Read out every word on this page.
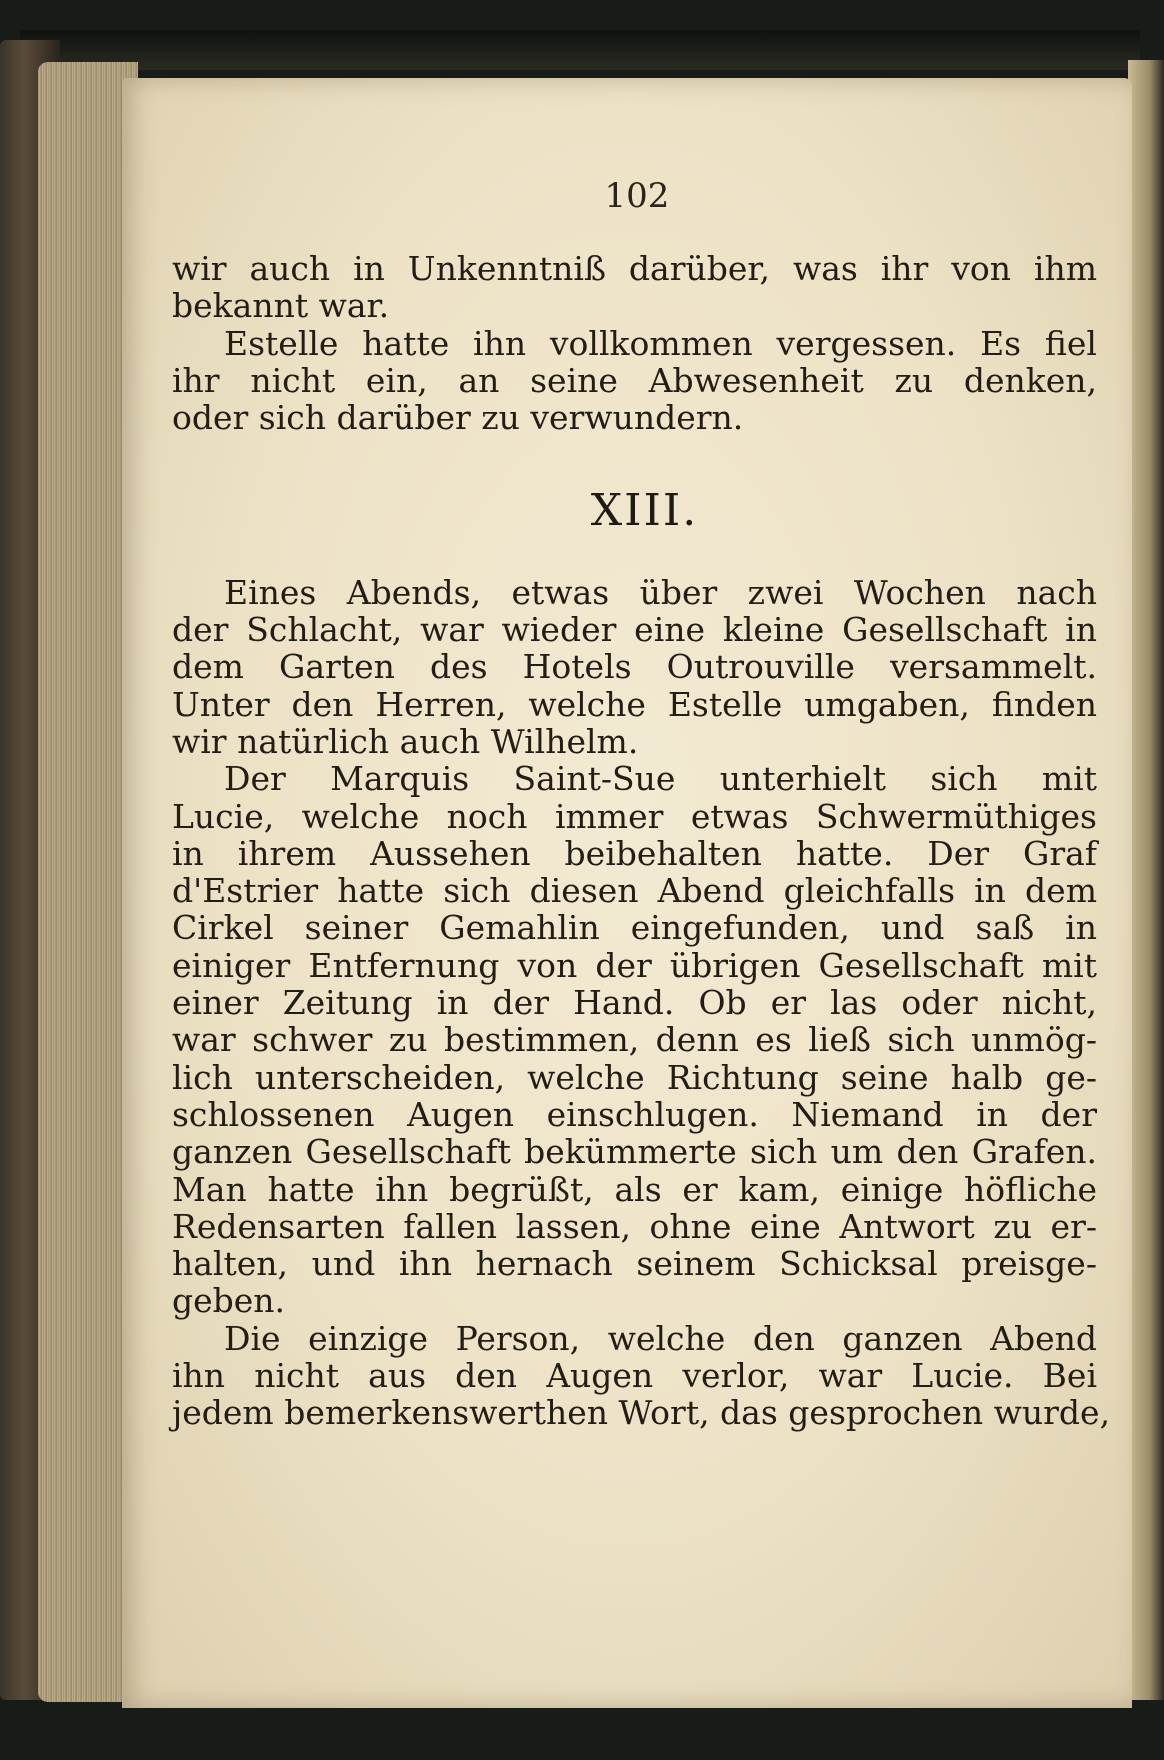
102
wir auch in Unkenntniß darüber, was ihr von ihm
bekannt war.
Estelle hatte ihn vollkommen vergessen. Es fiel
ihr nicht ein, an seine Abwesenheit zu denken,
oder sich darüber zu verwundern.
XIII.
Eines Abends, etwas über zwei Wochen nach
der Schlacht, war wieder eine kleine Gesellschaft in
dem Garten des Hotels Outrouville versammelt.
Unter den Herren, welche Estelle umgaben, finden
wir natürlich auch Wilhelm.
Der Marquis Saint-Sue unterhielt sich mit
Lucie, welche noch immer etwas Schwermüthiges
in ihrem Aussehen beibehalten hatte. Der Graf
d'Estrier hatte sich diesen Abend gleichfalls in dem
Cirkel seiner Gemahlin eingefunden, und saß in
einiger Entfernung von der übrigen Gesellschaft mit
einer Zeitung in der Hand. Ob er las oder nicht,
war schwer zu bestimmen, denn es ließ sich unmög-
lich unterscheiden, welche Richtung seine halb ge-
schlossenen Augen einschlugen. Niemand in der
ganzen Gesellschaft bekümmerte sich um den Grafen.
Man hatte ihn begrüßt, als er kam, einige höfliche
Redensarten fallen lassen, ohne eine Antwort zu er-
halten, und ihn hernach seinem Schicksal preisge-
geben.
Die einzige Person, welche den ganzen Abend
ihn nicht aus den Augen verlor, war Lucie. Bei
jedem bemerkenswerthen Wort, das gesprochen wurde,
